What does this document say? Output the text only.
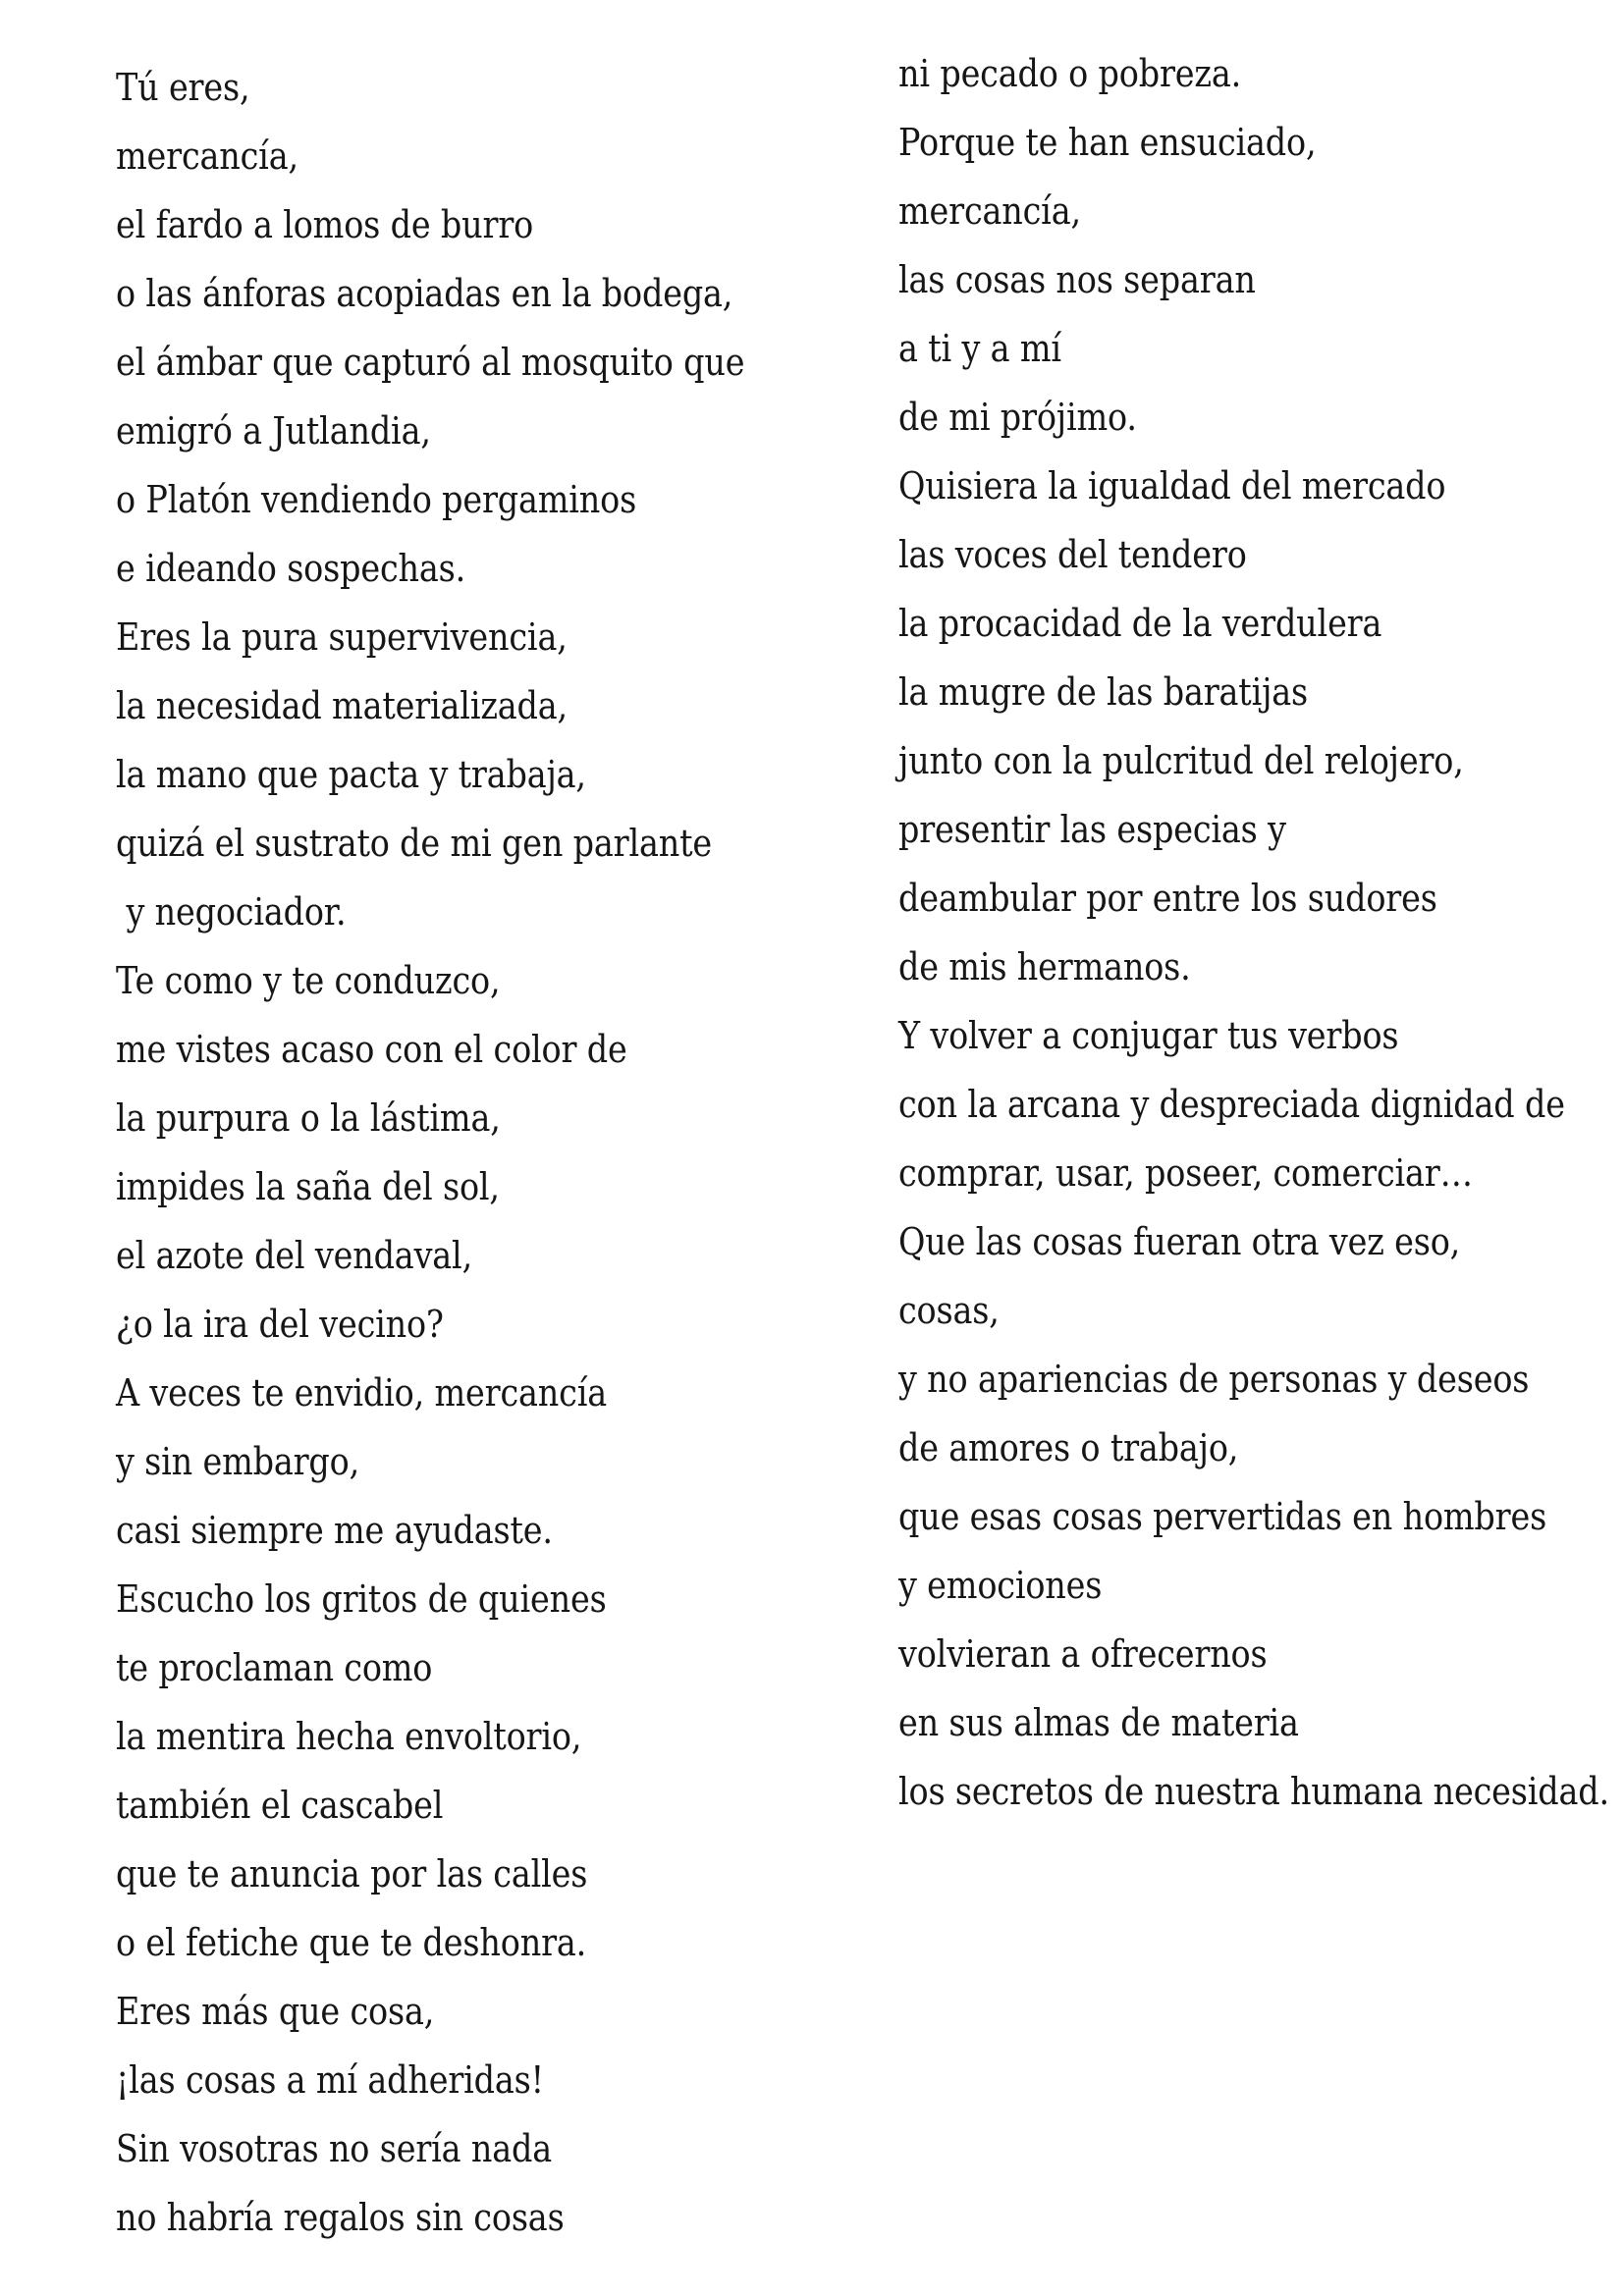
Tú eres,
mercancía,
el fardo a lomos de burro
o las ánforas acopiadas en la bodega,
el ámbar que capturó al mosquito que
emigró a Jutlandia,
o Platón vendiendo pergaminos
e ideando sospechas.
Eres la pura supervivencia,
la necesidad materializada,
la mano que pacta y trabaja,
quizá el sustrato de mi gen parlante
y negociador.
Te como y te conduzco,
me vistes acaso con el color de
la purpura o la lástima,
impides la saña del sol,
el azote del vendaval,
¿o la ira del vecino?
A veces te envidio, mercancía
y sin embargo,
casi siempre me ayudaste.
Escucho los gritos de quienes
te proclaman como
la mentira hecha envoltorio,
también el cascabel
que te anuncia por las calles
o el fetiche que te deshonra.
Eres más que cosa,
¡las cosas a mí adheridas!
Sin vosotras no sería nada
no habría regalos sin cosas
ni pecado o pobreza.
Porque te han ensuciado,
mercancía,
las cosas nos separan
a ti y a mí
de mi prójimo.
Quisiera la igualdad del mercado
las voces del tendero
la procacidad de la verdulera
la mugre de las baratijas
junto con la pulcritud del relojero,
presentir las especias y
deambular por entre los sudores
de mis hermanos.
Y volver a conjugar tus verbos
con la arcana y despreciada dignidad de
comprar, usar, poseer, comerciar…
Que las cosas fueran otra vez eso,
cosas,
y no apariencias de personas y deseos
de amores o trabajo,
que esas cosas pervertidas en hombres
y emociones
volvieran a ofrecernos
en sus almas de materia
los secretos de nuestra humana necesidad.
